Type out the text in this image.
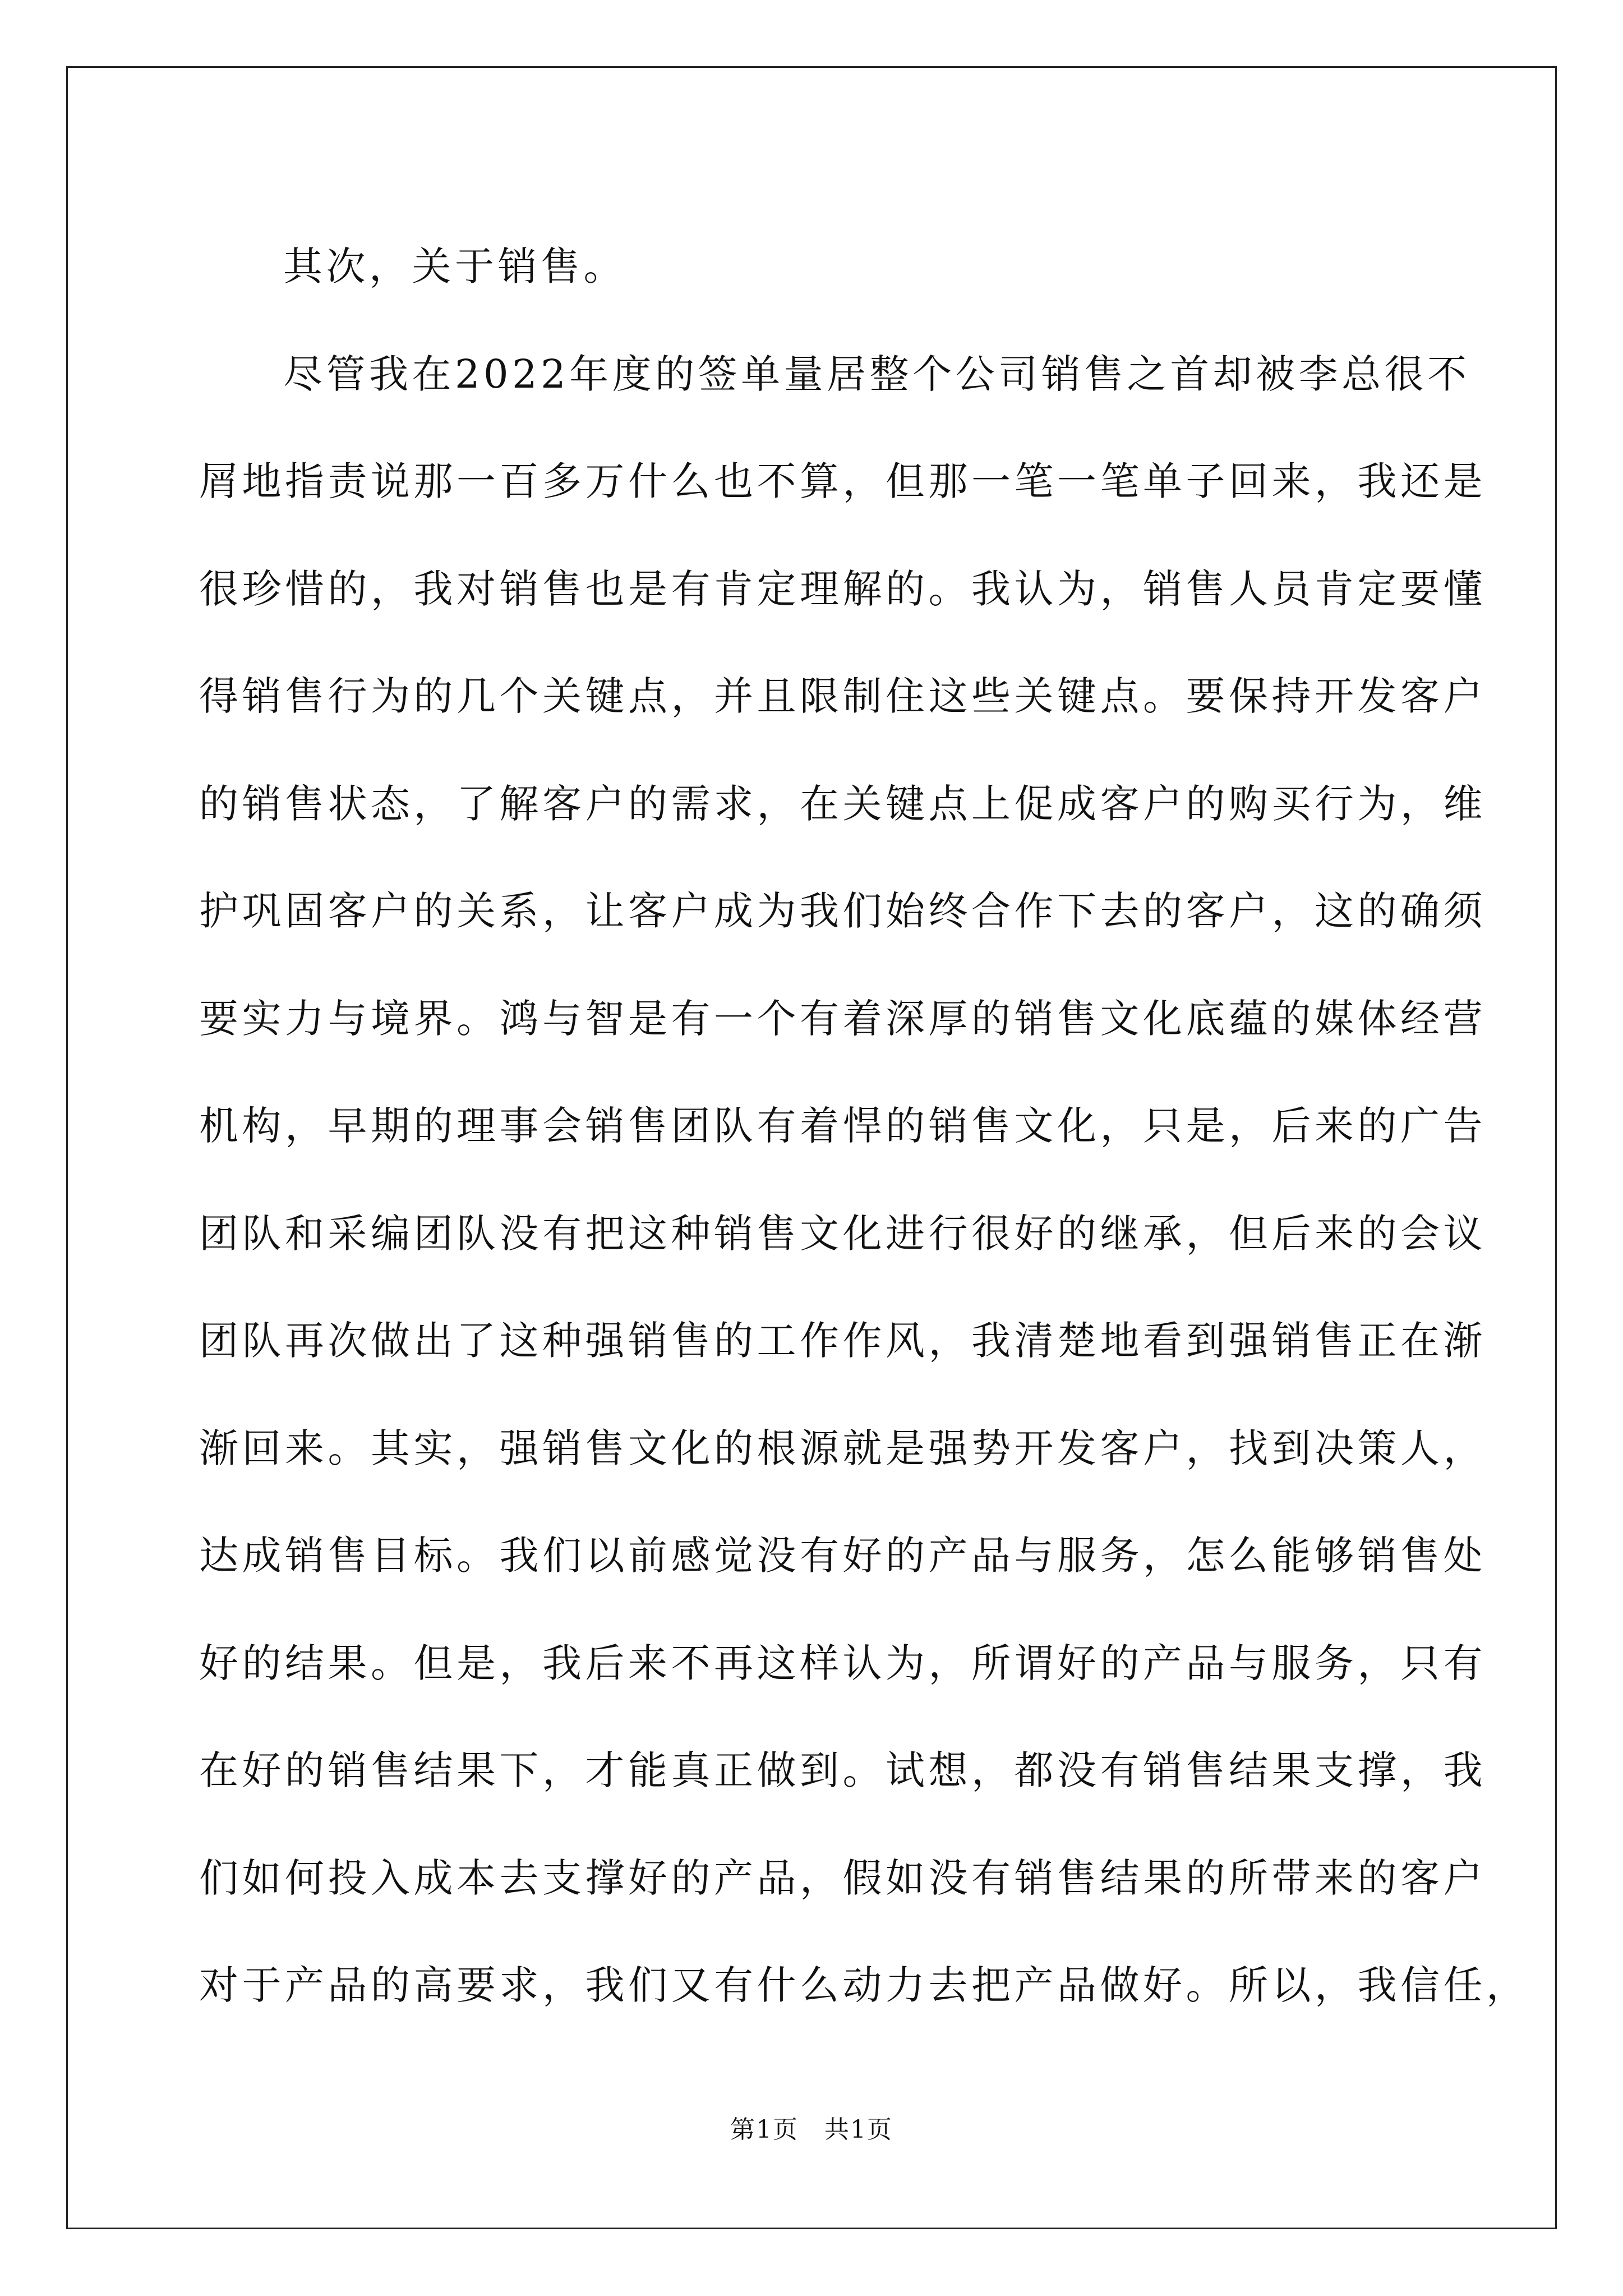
其次，关于销售。
尽管我在2022年度的签单量居整个公司销售之首却被李总很不
屑地指责说那一百多万什么也不算，但那一笔一笔单子回来，我还是
很珍惜的，我对销售也是有肯定理解的。我认为，销售人员肯定要懂
得销售行为的几个关键点，并且限制住这些关键点。要保持开发客户
的销售状态，了解客户的需求，在关键点上促成客户的购买行为，维
护巩固客户的关系，让客户成为我们始终合作下去的客户，这的确须
要实力与境界。鸿与智是有一个有着深厚的销售文化底蕴的媒体经营
机构，早期的理事会销售团队有着悍的销售文化，只是，后来的广告
团队和采编团队没有把这种销售文化进行很好的继承，但后来的会议
团队再次做出了这种强销售的工作作风，我清楚地看到强销售正在渐
渐回来。其实，强销售文化的根源就是强势开发客户，找到决策人，
达成销售目标。我们以前感觉没有好的产品与服务，怎么能够销售处
好的结果。但是，我后来不再这样认为，所谓好的产品与服务，只有
在好的销售结果下，才能真正做到。试想，都没有销售结果支撑，我
们如何投入成本去支撑好的产品，假如没有销售结果的所带来的客户
对于产品的高要求，我们又有什么动力去把产品做好。所以，我信任，
第1页　共1页
